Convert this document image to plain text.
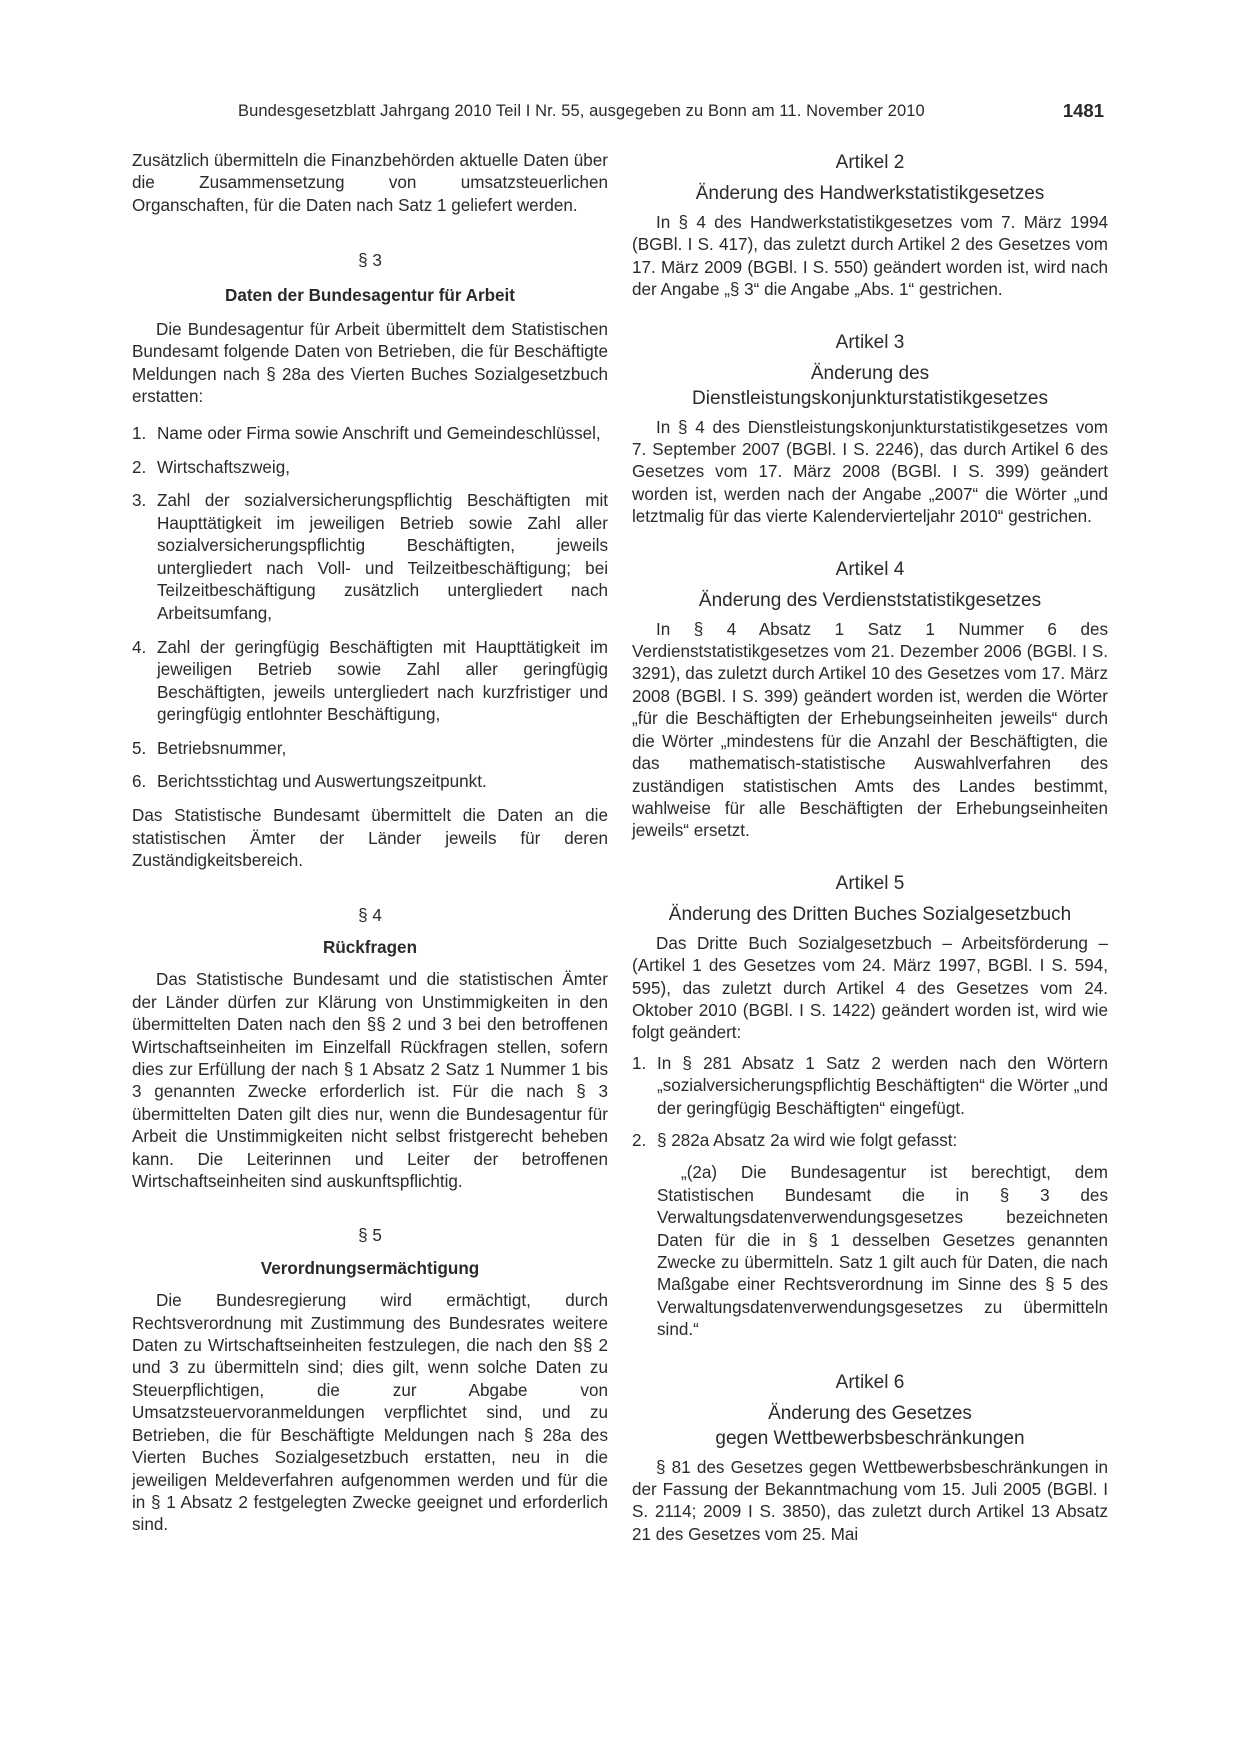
Bundesgesetzblatt Jahrgang 2010 Teil I Nr. 55, ausgegeben zu Bonn am 11. November 2010	1481

Zusätzlich übermitteln die Finanzbehörden aktuelle Daten über die Zusammensetzung von umsatzsteuerlichen Organschaften, für die Daten nach Satz 1 geliefert werden.

§ 3

Daten der Bundesagentur für Arbeit

Die Bundesagentur für Arbeit übermittelt dem Statistischen Bundesamt folgende Daten von Betrieben, die für Beschäftigte Meldungen nach § 28a des Vierten Buches Sozialgesetzbuch erstatten:

1. Name oder Firma sowie Anschrift und Gemeindeschlüssel,
2. Wirtschaftszweig,
3. Zahl der sozialversicherungspflichtig Beschäftigten mit Haupttätigkeit im jeweiligen Betrieb sowie Zahl aller sozialversicherungspflichtig Beschäftigten, jeweils untergliedert nach Voll- und Teilzeitbeschäftigung; bei Teilzeitbeschäftigung zusätzlich untergliedert nach Arbeitsumfang,
4. Zahl der geringfügig Beschäftigten mit Haupttätigkeit im jeweiligen Betrieb sowie Zahl aller geringfügig Beschäftigten, jeweils untergliedert nach kurzfristiger und geringfügig entlohnter Beschäftigung,
5. Betriebsnummer,
6. Berichtsstichtag und Auswertungszeitpunkt.

Das Statistische Bundesamt übermittelt die Daten an die statistischen Ämter der Länder jeweils für deren Zuständigkeitsbereich.

§ 4

Rückfragen

Das Statistische Bundesamt und die statistischen Ämter der Länder dürfen zur Klärung von Unstimmigkeiten in den übermittelten Daten nach den §§ 2 und 3 bei den betroffenen Wirtschaftseinheiten im Einzelfall Rückfragen stellen, sofern dies zur Erfüllung der nach § 1 Absatz 2 Satz 1 Nummer 1 bis 3 genannten Zwecke erforderlich ist. Für die nach § 3 übermittelten Daten gilt dies nur, wenn die Bundesagentur für Arbeit die Unstimmigkeiten nicht selbst fristgerecht beheben kann. Die Leiterinnen und Leiter der betroffenen Wirtschaftseinheiten sind auskunftspflichtig.

§ 5

Verordnungsermächtigung

Die Bundesregierung wird ermächtigt, durch Rechtsverordnung mit Zustimmung des Bundesrates weitere Daten zu Wirtschaftseinheiten festzulegen, die nach den §§ 2 und 3 zu übermitteln sind; dies gilt, wenn solche Daten zu Steuerpflichtigen, die zur Abgabe von Umsatzsteuervoranmeldungen verpflichtet sind, und zu Betrieben, die für Beschäftigte Meldungen nach § 28a des Vierten Buches Sozialgesetzbuch erstatten, neu in die jeweiligen Meldeverfahren aufgenommen werden und für die in § 1 Absatz 2 festgelegten Zwecke geeignet und erforderlich sind.

Artikel 2

Änderung des Handwerkstatistikgesetzes

In § 4 des Handwerkstatistikgesetzes vom 7. März 1994 (BGBl. I S. 417), das zuletzt durch Artikel 2 des Gesetzes vom 17. März 2009 (BGBl. I S. 550) geändert worden ist, wird nach der Angabe „§ 3“ die Angabe „Abs. 1“ gestrichen.

Artikel 3

Änderung des

Dienstleistungskonjunkturstatistikgesetzes

In § 4 des Dienstleistungskonjunkturstatistikgesetzes vom 7. September 2007 (BGBl. I S. 2246), das durch Artikel 6 des Gesetzes vom 17. März 2008 (BGBl. I S. 399) geändert worden ist, werden nach der Angabe „2007“ die Wörter „und letztmalig für das vierte Kalendervierteljahr 2010“ gestrichen.

Artikel 4

Änderung des Verdienststatistikgesetzes

In § 4 Absatz 1 Satz 1 Nummer 6 des Verdienststatistikgesetzes vom 21. Dezember 2006 (BGBl. I S. 3291), das zuletzt durch Artikel 10 des Gesetzes vom 17. März 2008 (BGBl. I S. 399) geändert worden ist, werden die Wörter „für die Beschäftigten der Erhebungseinheiten jeweils“ durch die Wörter „mindestens für die Anzahl der Beschäftigten, die das mathematisch-statistische Auswahlverfahren des zuständigen statistischen Amts des Landes bestimmt, wahlweise für alle Beschäftigten der Erhebungseinheiten jeweils“ ersetzt.

Artikel 5

Änderung des Dritten Buches Sozialgesetzbuch

Das Dritte Buch Sozialgesetzbuch – Arbeitsförderung – (Artikel 1 des Gesetzes vom 24. März 1997, BGBl. I S. 594, 595), das zuletzt durch Artikel 4 des Gesetzes vom 24. Oktober 2010 (BGBl. I S. 1422) geändert worden ist, wird wie folgt geändert:

1. In § 281 Absatz 1 Satz 2 werden nach den Wörtern „sozialversicherungspflichtig Beschäftigten“ die Wörter „und der geringfügig Beschäftigten“ eingefügt.
2. § 282a Absatz 2a wird wie folgt gefasst:

„(2a) Die Bundesagentur ist berechtigt, dem Statistischen Bundesamt die in § 3 des Verwaltungsdatenverwendungsgesetzes bezeichneten Daten für die in § 1 desselben Gesetzes genannten Zwecke zu übermitteln. Satz 1 gilt auch für Daten, die nach Maßgabe einer Rechtsverordnung im Sinne des § 5 des Verwaltungsdatenverwendungsgesetzes zu übermitteln sind.“

Artikel 6

Änderung des Gesetzes

gegen Wettbewerbsbeschränkungen

§ 81 des Gesetzes gegen Wettbewerbsbeschränkungen in der Fassung der Bekanntmachung vom 15. Juli 2005 (BGBl. I S. 2114; 2009 I S. 3850), das zuletzt durch Artikel 13 Absatz 21 des Gesetzes vom 25. Mai
